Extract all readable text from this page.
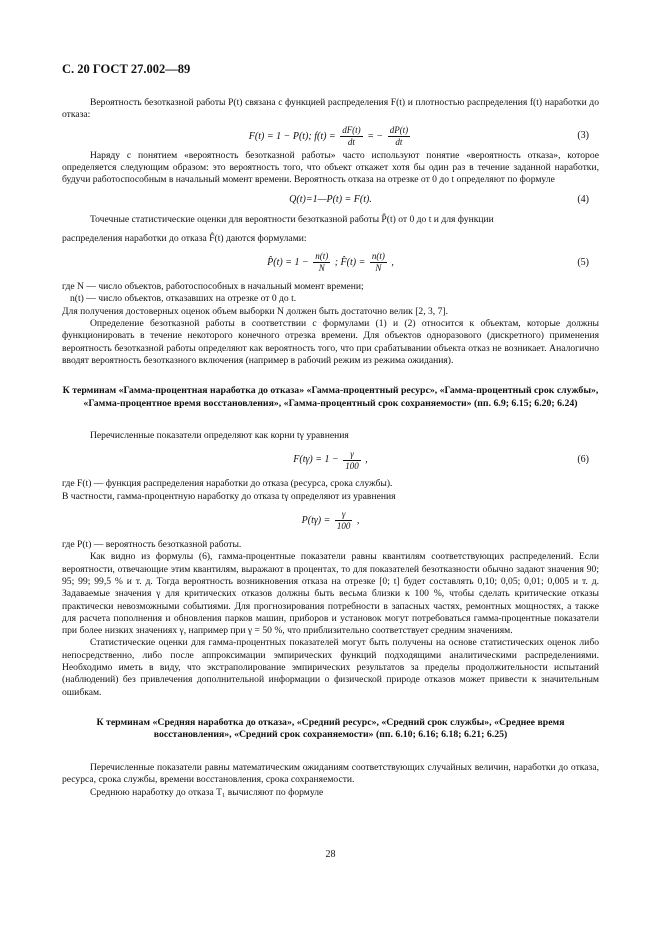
С. 20 ГОСТ 27.002—89

Вероятность безотказной работы P(t) связана с функцией распределения F(t) и плотностью распределения f(t) наработки до отказа:

F(t) = 1 − P(t); $f(t) = \frac{dF(t)}{dt}$ = − $\frac{dP(t)}{dt}$	(3)

Наряду с понятием «вероятность безотказной работы» часто используют понятие «вероятность отказа», которое определяется следующим образом: это вероятность того, что объект откажет хотя бы один раз в течение заданной наработки, будучи работоспособным в начальный момент времени. Вероятность отказа на отрезке от 0 до t определяют по формуле

Q(t)=1—P(t) = F(t).	(4)

Точечные статистические оценки для вероятности безотказной работы P̂(t) от 0 до t и для функции

распределения наработки до отказа F̂(t) даются формулами:

P̂(t) = $1 - \frac{n(t)}{N}$ ; F̂(t) = $\frac{n(t)}{N}$ ,	(5)

где N — число объектов, работоспособных в начальный момент времени;

n(t) — число объектов, отказавших на отрезке от 0 до t.

Для получения достоверных оценок объем выборки N должен быть достаточно велик [2, 3, 7].

Определение безотказной работы в соответствии с формулами (1) и (2) относится к объектам, которые должны функционировать в течение некоторого конечного отрезка времени. Для объектов одноразового (дискретного) применения вероятность безотказной работы определяют как вероятность того, что при срабатывании объекта отказ не возникает. Аналогично вводят вероятность безотказного включения (например в рабочий режим из режима ожидания).

К терминам «Гамма-процентная наработка до отказа» «Гамма-процентный ресурс», «Гамма-процентный срок службы», «Гамма-процентное время восстановления», «Гамма-процентный срок сохраняемости» (пп. 6.9; 6.15; 6.20; 6.24)

Перечисленные показатели определяют как корни tγ уравнения

$F(t\gamma) = 1 - \frac{\gamma}{100}$ ,	(6)

где F(t) — функция распределения наработки до отказа (ресурса, срока службы).

В частности, гамма-процентную наработку до отказа tγ определяют из уравнения

$P(t\gamma) = \frac{\gamma}{100}$ ,

где P(t) — вероятность безотказной работы.

Как видно из формулы (6), гамма-процентные показатели равны квантилям соответствующих распределений. Если вероятности, отвечающие этим квантилям, выражают в процентах, то для показателей безотказности обычно задают значения 90; 95; 99; 99,5 % и т. д. Тогда вероятность возникновения отказа на отрезке [0; t] будет составлять 0,10; 0,05; 0,01; 0,005 и т. д. Задаваемые значения γ для критических отказов должны быть весьма близки к 100 %, чтобы сделать критические отказы практически невозможными событиями. Для прогнозирования потребности в запасных частях, ремонтных мощностях, а также для расчета пополнения и обновления парков машин, приборов и установок могут потребоваться гамма-процентные показатели при более низких значениях γ, например при γ = 50 %, что приблизительно соответствует средним значениям.

Статистические оценки для гамма-процентных показателей могут быть получены на основе статистических оценок либо непосредственно, либо после аппроксимации эмпирических функций подходящими аналитическими распределениями. Необходимо иметь в виду, что экстраполирование эмпирических результатов за пределы продолжительности испытаний (наблюдений) без привлечения дополнительной информации о физической природе отказов может привести к значительным ошибкам.

К терминам «Средняя наработка до отказа», «Средний ресурс», «Средний срок службы», «Среднее время восстановления», «Средний срок сохраняемости» (пп. 6.10; 6.16; 6.18; 6.21; 6.25)

Перечисленные показатели равны математическим ожиданиям соответствующих случайных величин, наработки до отказа, ресурса, срока службы, времени восстановления, срока сохраняемости.

Среднюю наработку до отказа T₁ вычисляют по формуле

28
